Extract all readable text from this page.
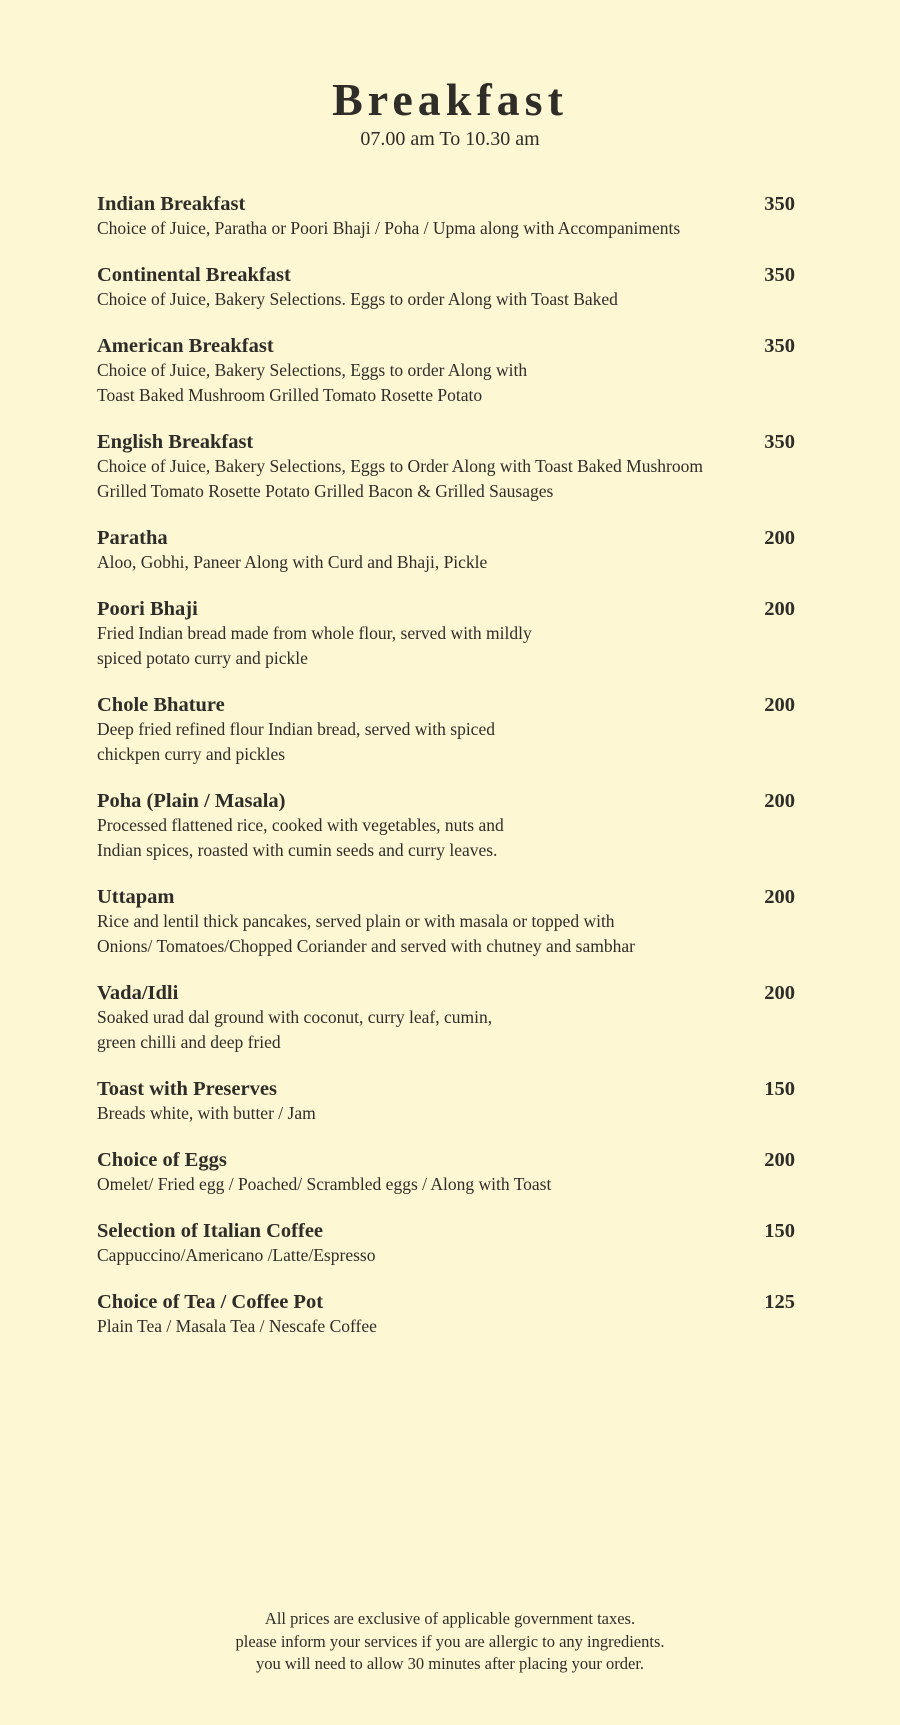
Breakfast
07.00 am To 10.30 am
Indian Breakfast	350
Choice of Juice, Paratha or Poori Bhaji / Poha / Upma along with Accompaniments
Continental Breakfast	350
Choice of Juice, Bakery Selections. Eggs to order Along with Toast Baked
American Breakfast	350
Choice of Juice, Bakery Selections, Eggs to order Along with
Toast Baked Mushroom Grilled Tomato Rosette Potato
English Breakfast	350
Choice of Juice, Bakery Selections, Eggs to Order Along with Toast Baked Mushroom
Grilled Tomato Rosette Potato Grilled Bacon & Grilled Sausages
Paratha	200
Aloo, Gobhi, Paneer Along with Curd and Bhaji, Pickle
Poori Bhaji	200
Fried Indian bread made from whole flour, served with mildly
spiced potato curry and pickle
Chole Bhature	200
Deep fried refined flour Indian bread, served with spiced
chickpen curry and pickles
Poha (Plain / Masala)	200
Processed flattened rice, cooked with vegetables, nuts and
Indian spices, roasted with cumin seeds and curry leaves.
Uttapam	200
Rice and lentil thick pancakes, served plain or with masala or topped with
Onions/ Tomatoes/Chopped Coriander and served with chutney and sambhar
Vada/Idli	200
Soaked urad dal ground with coconut, curry leaf, cumin,
green chilli and deep fried
Toast with Preserves	150
Breads white, with butter / Jam
Choice of Eggs	200
Omelet/ Fried egg / Poached/ Scrambled eggs / Along with Toast
Selection of Italian Coffee	150
Cappuccino/Americano /Latte/Espresso
Choice of Tea / Coffee Pot	125
Plain Tea / Masala Tea / Nescafe Coffee
All prices are exclusive of applicable government taxes.
please inform your services if you are allergic to any ingredients.
you will need to allow 30 minutes after placing your order.
